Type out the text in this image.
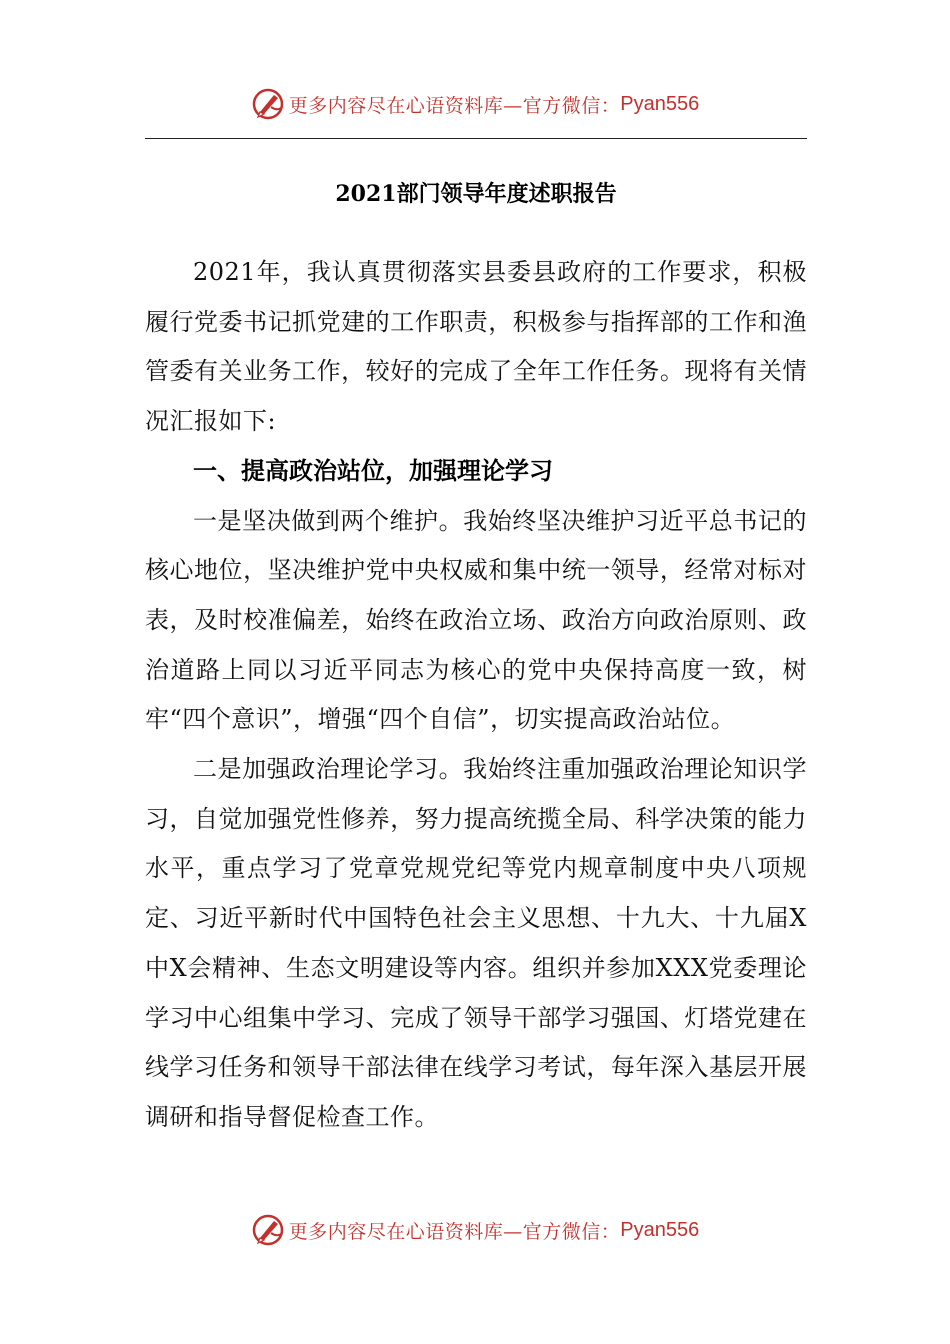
更多内容尽在心语资料库—官方微信： Pyan556
2021部门领导年度述职报告

2021年，我认真贯彻落实县委县政府的工作要求，积极履行党委书记抓党建的工作职责，积极参与指挥部的工作和渔管委有关业务工作，较好的完成了全年工作任务。现将有关情况汇报如下:

一、提高政治站位，加强理论学习

一是坚决做到两个维护。我始终坚决维护习近平总书记的核心地位，坚决维护党中央权威和集中统一领导，经常对标对表，及时校准偏差，始终在政治立场、政治方向政治原则、政治道路上同以习近平同志为核心的党中央保持高度一致，树牢“四个意识”，增强“四个自信”，切实提高政治站位。

二是加强政治理论学习。我始终注重加强政治理论知识学习，自觉加强党性修养，努力提高统揽全局、科学决策的能力水平，重点学习了党章党规党纪等党内规章制度中央八项规定、习近平新时代中国特色社会主义思想、十九大、十九届X中X会精神、生态文明建设等内容。组织并参加XXX党委理论学习中心组集中学习、完成了领导干部学习强国、灯塔党建在线学习任务和领导干部法律在线学习考试，每年深入基层开展调研和指导督促检查工作。

更多内容尽在心语资料库—官方微信： Pyan556
